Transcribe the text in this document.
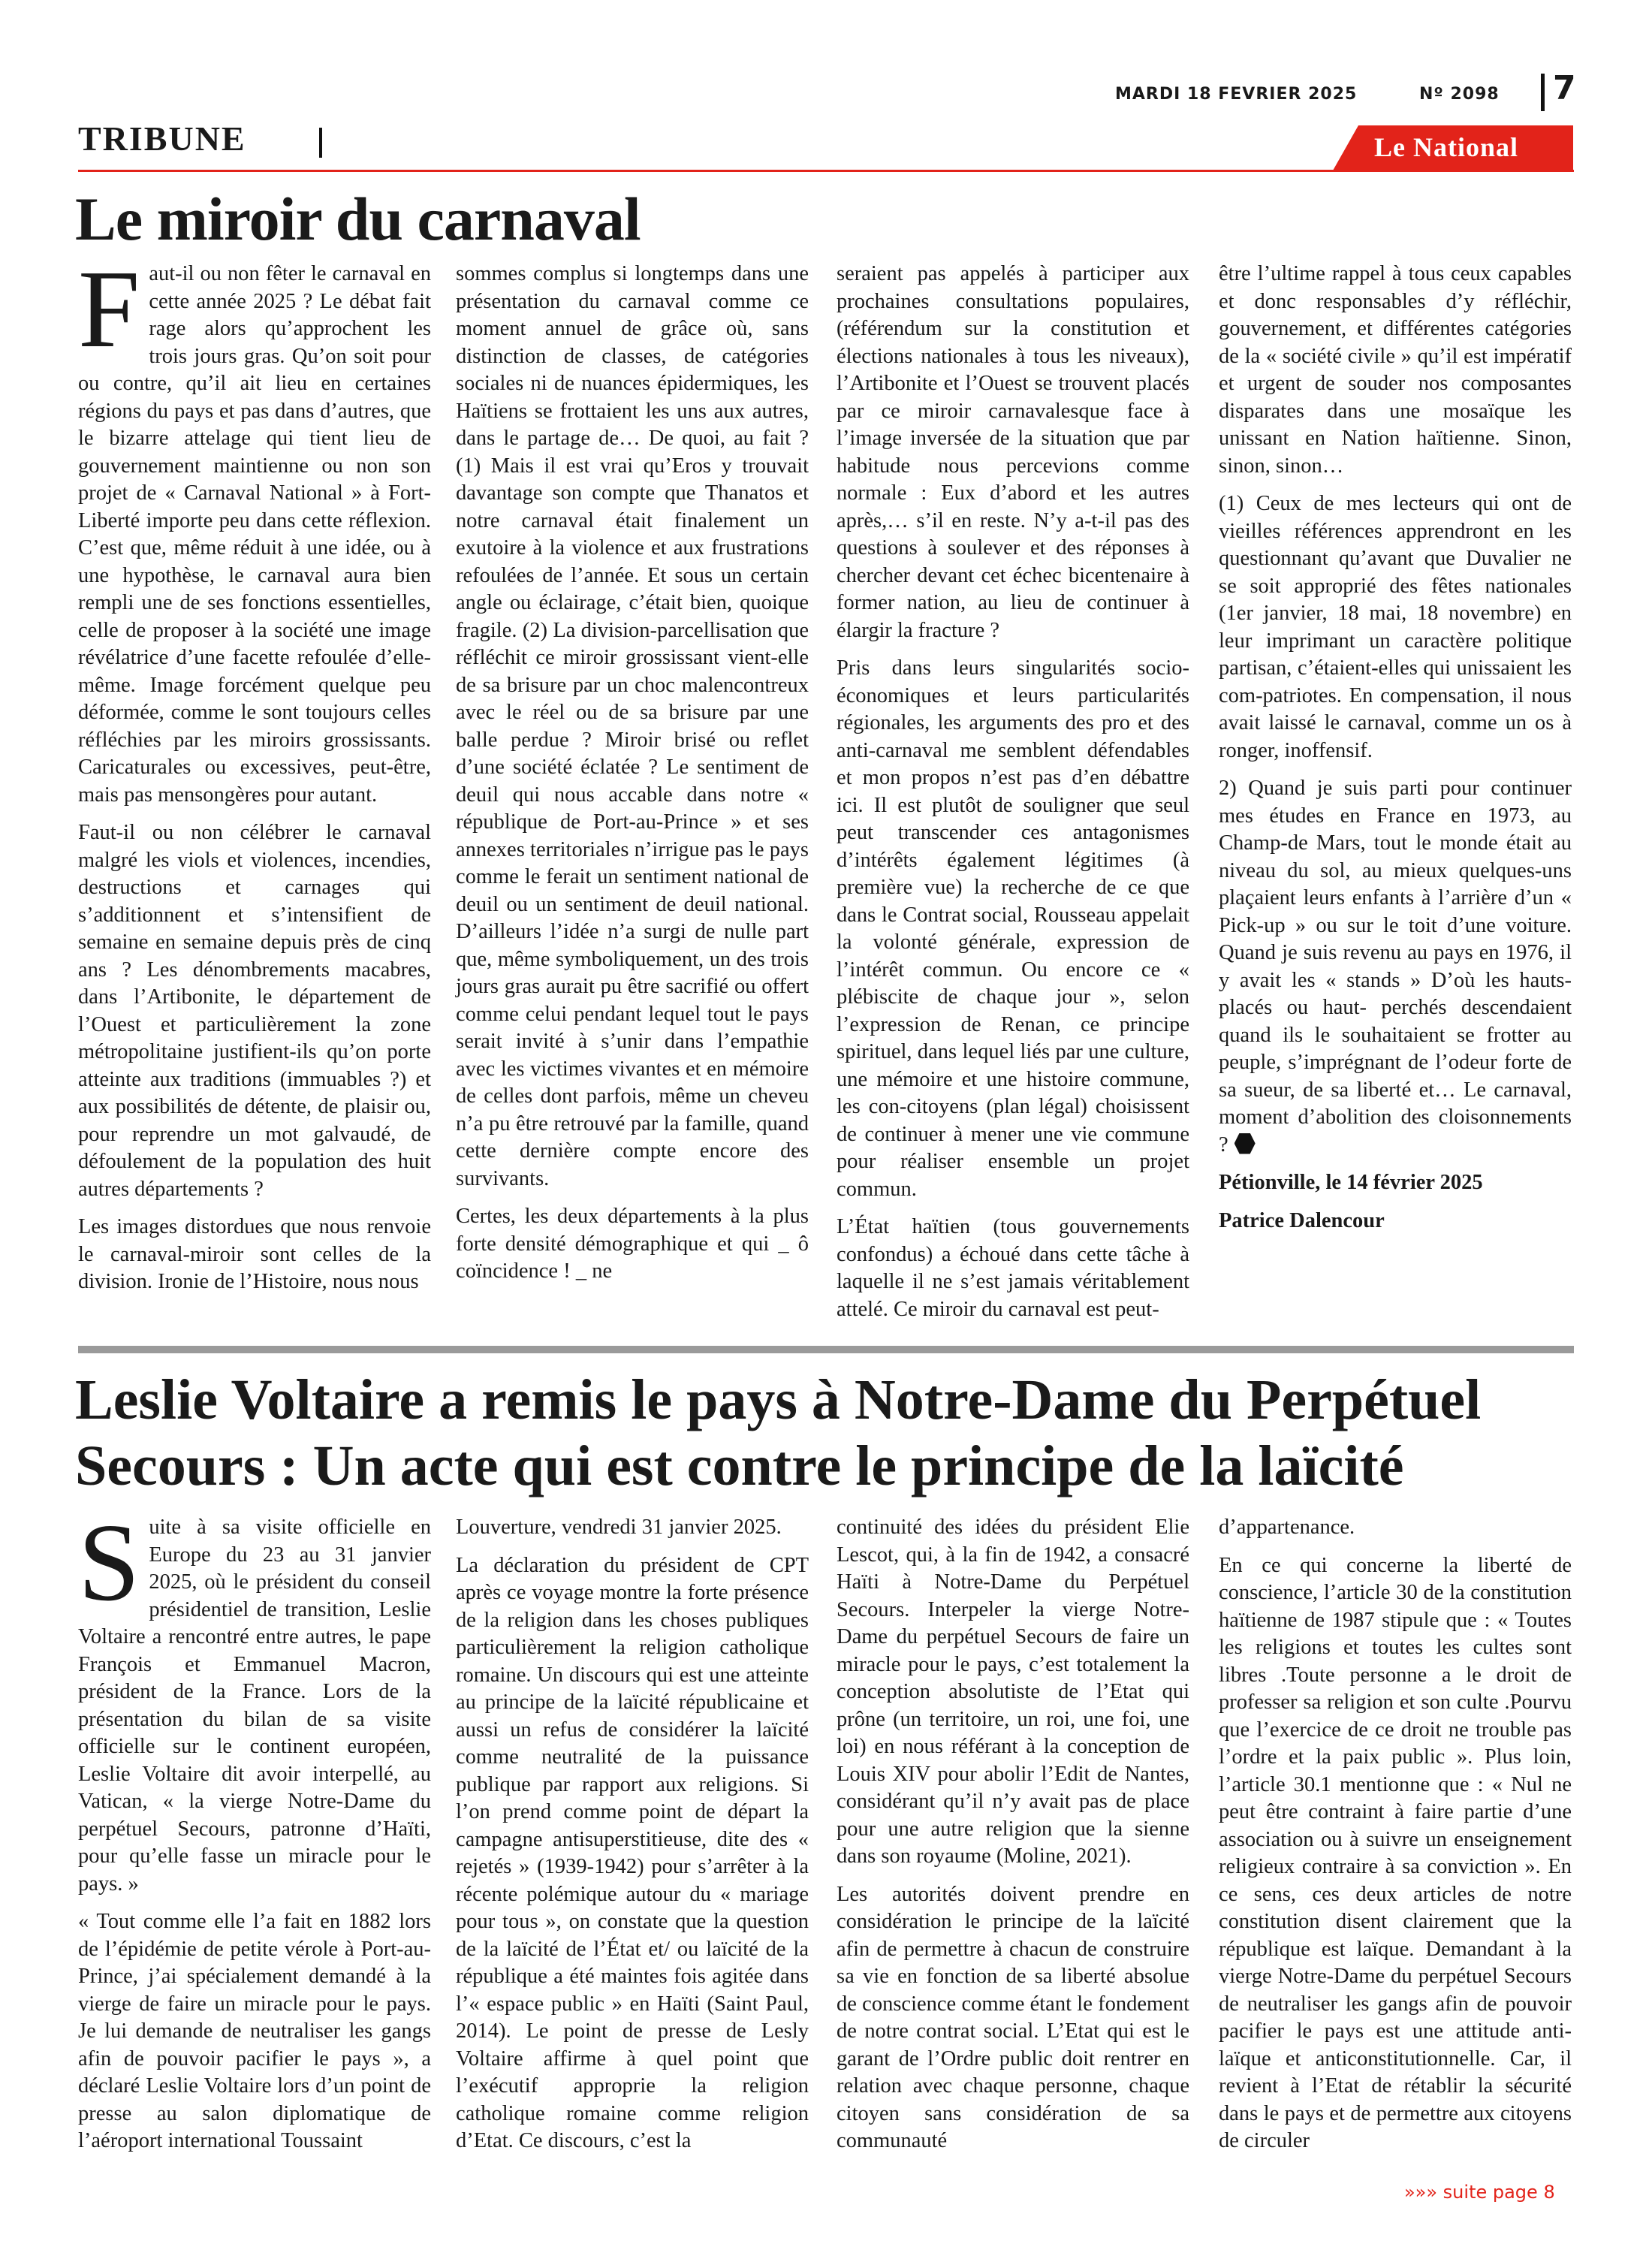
TRIBUNE
MARDI 18 FEVRIER 2025	Nº 2098 7
Le National
Le miroir du carnaval

Faut-il ou non fêter le carnaval en cette année 2025 ? Le débat fait rage alors qu’approchent les trois jours gras. Qu’on soit pour ou contre, qu’il ait lieu en certaines régions du pays et pas dans d’autres, que le bizarre attelage qui tient lieu de gouvernement maintienne ou non son projet de « Carnaval National » à Fort-Liberté importe peu dans cette réflexion. C’est que, même réduit à une idée, ou à une hypothèse, le carnaval aura bien rempli une de ses fonctions essentielles, celle de proposer à la société une image révélatrice d’une facette refoulée d’elle-même. Image forcément quelque peu déformée, comme le sont toujours celles réfléchies par les miroirs grossissants. Caricaturales ou excessives, peut-être, mais pas mensongères pour autant.

Faut-il ou non célébrer le carnaval malgré les viols et violences, incendies, destructions et carnages qui s’additionnent et s’intensifient de semaine en semaine depuis près de cinq ans ? Les dénombrements macabres, dans l’Artibonite, le département de l’Ouest et particulièrement la zone métropolitaine justifient-ils qu’on porte atteinte aux traditions (immuables ?) et aux possibilités de détente, de plaisir ou, pour reprendre un mot galvaudé, de défoulement de la population des huit autres départements ?

Les images distordues que nous renvoie le carnaval-miroir sont celles de la division. Ironie de l’Histoire, nous nous

sommes complus si longtemps dans une présentation du carnaval comme ce moment annuel de grâce où, sans distinction de classes, de catégories sociales ni de nuances épidermiques, les Haïtiens se frottaient les uns aux autres, dans le partage de… De quoi, au fait ? (1) Mais il est vrai qu’Eros y trouvait davantage son compte que Thanatos et notre carnaval était finalement un exutoire à la violence et aux frustrations refoulées de l’année. Et sous un certain angle ou éclairage, c’était bien, quoique fragile. (2) La division-parcellisation que réfléchit ce miroir grossissant vient-elle de sa brisure par un choc malencontreux avec le réel ou de sa brisure par une balle perdue ? Miroir brisé ou reflet d’une société éclatée ? Le sentiment de deuil qui nous accable dans notre « république de Port-au-Prince » et ses annexes territoriales n’irrigue pas le pays comme le ferait un sentiment national de deuil ou un sentiment de deuil national. D’ailleurs l’idée n’a surgi de nulle part que, même symboliquement, un des trois jours gras aurait pu être sacrifié ou offert comme celui pendant lequel tout le pays serait invité à s’unir dans l’empathie avec les victimes vivantes et en mémoire de celles dont parfois, même un cheveu n’a pu être retrouvé par la famille, quand cette dernière compte encore des survivants.

Certes, les deux départements à la plus forte densité démographique et qui _ ô coïncidence ! _ ne

seraient pas appelés à participer aux prochaines consultations populaires, (référendum sur la constitution et élections nationales à tous les niveaux), l’Artibonite et l’Ouest se trouvent placés par ce miroir carnavalesque face à l’image inversée de la situation que par habitude nous percevions comme normale : Eux d’abord et les autres après,… s’il en reste. N’y a-t-il pas des questions à soulever et des réponses à chercher devant cet échec bicentenaire à former nation, au lieu de continuer à élargir la fracture ?

Pris dans leurs singularités socio-économiques et leurs particularités régionales, les arguments des pro et des anti-carnaval me semblent défendables et mon propos n’est pas d’en débattre ici. Il est plutôt de souligner que seul peut transcender ces antagonismes d’intérêts également légitimes (à première vue) la recherche de ce que dans le Contrat social, Rousseau appelait la volonté générale, expression de l’intérêt commun. Ou encore ce « plébiscite de chaque jour », selon l’expression de Renan, ce principe spirituel, dans lequel liés par une culture, une mémoire et une histoire commune, les con-citoyens (plan légal) choisissent de continuer à mener une vie commune pour réaliser ensemble un projet commun.

L’État haïtien (tous gouvernements confondus) a échoué dans cette tâche à laquelle il ne s’est jamais véritablement attelé. Ce miroir du carnaval est peut-

être l’ultime rappel à tous ceux capables et donc responsables d’y réfléchir, gouvernement, et différentes catégories de la « société civile » qu’il est impératif et urgent de souder nos composantes disparates dans une mosaïque les unissant en Nation haïtienne. Sinon, sinon, sinon…

(1) Ceux de mes lecteurs qui ont de vieilles références apprendront en les questionnant qu’avant que Duvalier ne se soit approprié des fêtes nationales (1er janvier, 18 mai, 18 novembre) en leur imprimant un caractère politique partisan, c’étaient-elles qui unissaient les com-patriotes. En compensation, il nous avait laissé le carnaval, comme un os à ronger, inoffensif.

2) Quand je suis parti pour continuer mes études en France en 1973, au Champ-de Mars, tout le monde était au niveau du sol, au mieux quelques-uns plaçaient leurs enfants à l’arrière d’un « Pick-up » ou sur le toit d’une voiture. Quand je suis revenu au pays en 1976, il y avait les « stands » D’où les hauts-placés ou haut- perchés descendaient quand ils le souhaitaient se frotter au peuple, s’imprégnant de l’odeur forte de sa sueur, de sa liberté et… Le carnaval, moment d’abolition des cloisonnements ?

Pétionville, le 14 février 2025

Patrice Dalencour

Leslie Voltaire a remis le pays à Notre-Dame du Perpétuel Secours : Un acte qui est contre le principe de la laïcité

Suite à sa visite officielle en Europe du 23 au 31 janvier 2025, où le président du conseil présidentiel de transition, Leslie Voltaire a rencontré entre autres, le pape François et Emmanuel Macron, président de la France. Lors de la présentation du bilan de sa visite officielle sur le continent européen, Leslie Voltaire dit avoir interpellé, au Vatican, « la vierge Notre-Dame du perpétuel Secours, patronne d’Haïti, pour qu’elle fasse un miracle pour le pays. »

« Tout comme elle l’a fait en 1882 lors de l’épidémie de petite vérole à Port-au-Prince, j’ai spécialement demandé à la vierge de faire un miracle pour le pays. Je lui demande de neutraliser les gangs afin de pouvoir pacifier le pays », a déclaré Leslie Voltaire lors d’un point de presse au salon diplomatique de l’aéroport international Toussaint

Louverture, vendredi 31 janvier 2025.

La déclaration du président de CPT après ce voyage montre la forte présence de la religion dans les choses publiques particulièrement la religion catholique romaine. Un discours qui est une atteinte au principe de la laïcité républicaine et aussi un refus de considérer la laïcité comme neutralité de la puissance publique par rapport aux religions. Si l’on prend comme point de départ la campagne antisuperstitieuse, dite des « rejetés » (1939-1942) pour s’arrêter à la récente polémique autour du « mariage pour tous », on constate que la question de la laïcité de l’État et/ ou laïcité de la république a été maintes fois agitée dans l’« espace public » en Haïti (Saint Paul, 2014). Le point de presse de Lesly Voltaire affirme à quel point que l’exécutif approprie la religion catholique romaine comme religion d’Etat. Ce discours, c’est la

continuité des idées du président Elie Lescot, qui, à la fin de 1942, a consacré Haïti à Notre-Dame du Perpétuel Secours. Interpeler la vierge Notre-Dame du perpétuel Secours de faire un miracle pour le pays, c’est totalement la conception absolutiste de l’Etat qui prône (un territoire, un roi, une foi, une loi) en nous référant à la conception de Louis XIV pour abolir l’Edit de Nantes, considérant qu’il n’y avait pas de place pour une autre religion que la sienne dans son royaume (Moline, 2021).

Les autorités doivent prendre en considération le principe de la laïcité afin de permettre à chacun de construire sa vie en fonction de sa liberté absolue de conscience comme étant le fondement de notre contrat social. L’Etat qui est le garant de l’Ordre public doit rentrer en relation avec chaque personne, chaque citoyen sans considération de sa communauté

d’appartenance.

En ce qui concerne la liberté de conscience, l’article 30 de la constitution haïtienne de 1987 stipule que : « Toutes les religions et toutes les cultes sont libres .Toute personne a le droit de professer sa religion et son culte .Pourvu que l’exercice de ce droit ne trouble pas l’ordre et la paix public ». Plus loin, l’article 30.1 mentionne que : « Nul ne peut être contraint à faire partie d’une association ou à suivre un enseignement religieux contraire à sa conviction ». En ce sens, ces deux articles de notre constitution disent clairement que la république est laïque. Demandant à la vierge Notre-Dame du perpétuel Secours de neutraliser les gangs afin de pouvoir pacifier le pays est une attitude anti-laïque et anticonstitutionnelle. Car, il revient à l’Etat de rétablir la sécurité dans le pays et de permettre aux citoyens de circuler

»»» suite page 8
